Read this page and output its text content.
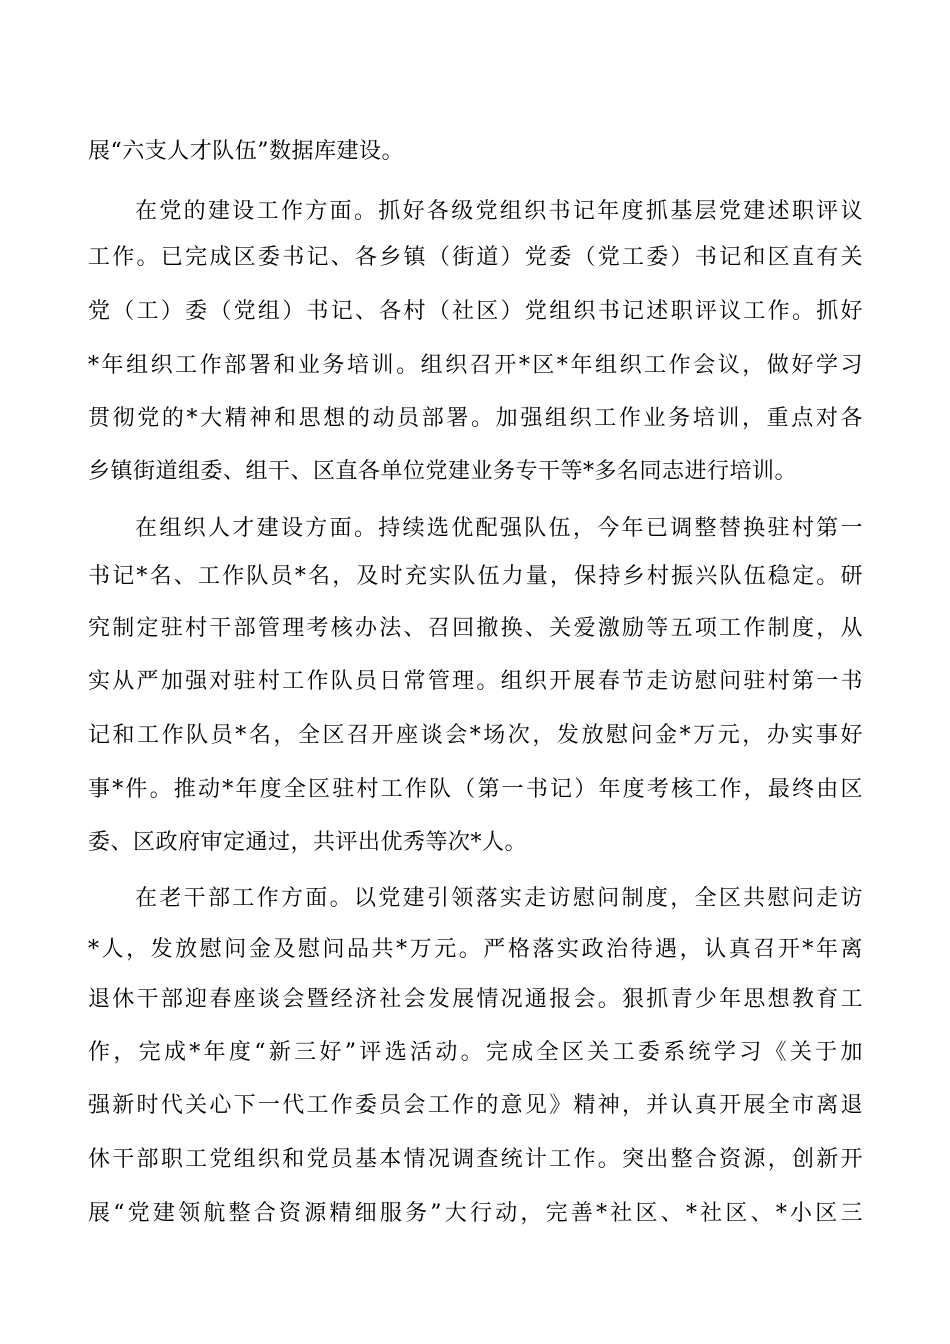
展“六支人才队伍”数据库建设。
在党的建设工作方面。抓好各级党组织书记年度抓基层党建述职评议
工作。已完成区委书记、各乡镇（街道）党委（党工委）书记和区直有关
党（工）委（党组）书记、各村（社区）党组织书记述职评议工作。抓好
*年组织工作部署和业务培训。组织召开*区*年组织工作会议，做好学习
贯彻党的*大精神和思想的动员部署。加强组织工作业务培训，重点对各
乡镇街道组委、组干、区直各单位党建业务专干等*多名同志进行培训。
在组织人才建设方面。持续选优配强队伍，今年已调整替换驻村第一
书记*名、工作队员*名，及时充实队伍力量，保持乡村振兴队伍稳定。研
究制定驻村干部管理考核办法、召回撤换、关爱激励等五项工作制度，从
实从严加强对驻村工作队员日常管理。组织开展春节走访慰问驻村第一书
记和工作队员*名，全区召开座谈会*场次，发放慰问金*万元，办实事好
事*件。推动*年度全区驻村工作队（第一书记）年度考核工作，最终由区
委、区政府审定通过，共评出优秀等次*人。
在老干部工作方面。以党建引领落实走访慰问制度，全区共慰问走访
*人，发放慰问金及慰问品共*万元。严格落实政治待遇，认真召开*年离
退休干部迎春座谈会暨经济社会发展情况通报会。狠抓青少年思想教育工
作，完成*年度“新三好”评选活动。完成全区关工委系统学习《关于加
强新时代关心下一代工作委员会工作的意见》精神，并认真开展全市离退
休干部职工党组织和党员基本情况调查统计工作。突出整合资源，创新开
展“党建领航整合资源精细服务”大行动，完善*社区、*社区、*小区三
